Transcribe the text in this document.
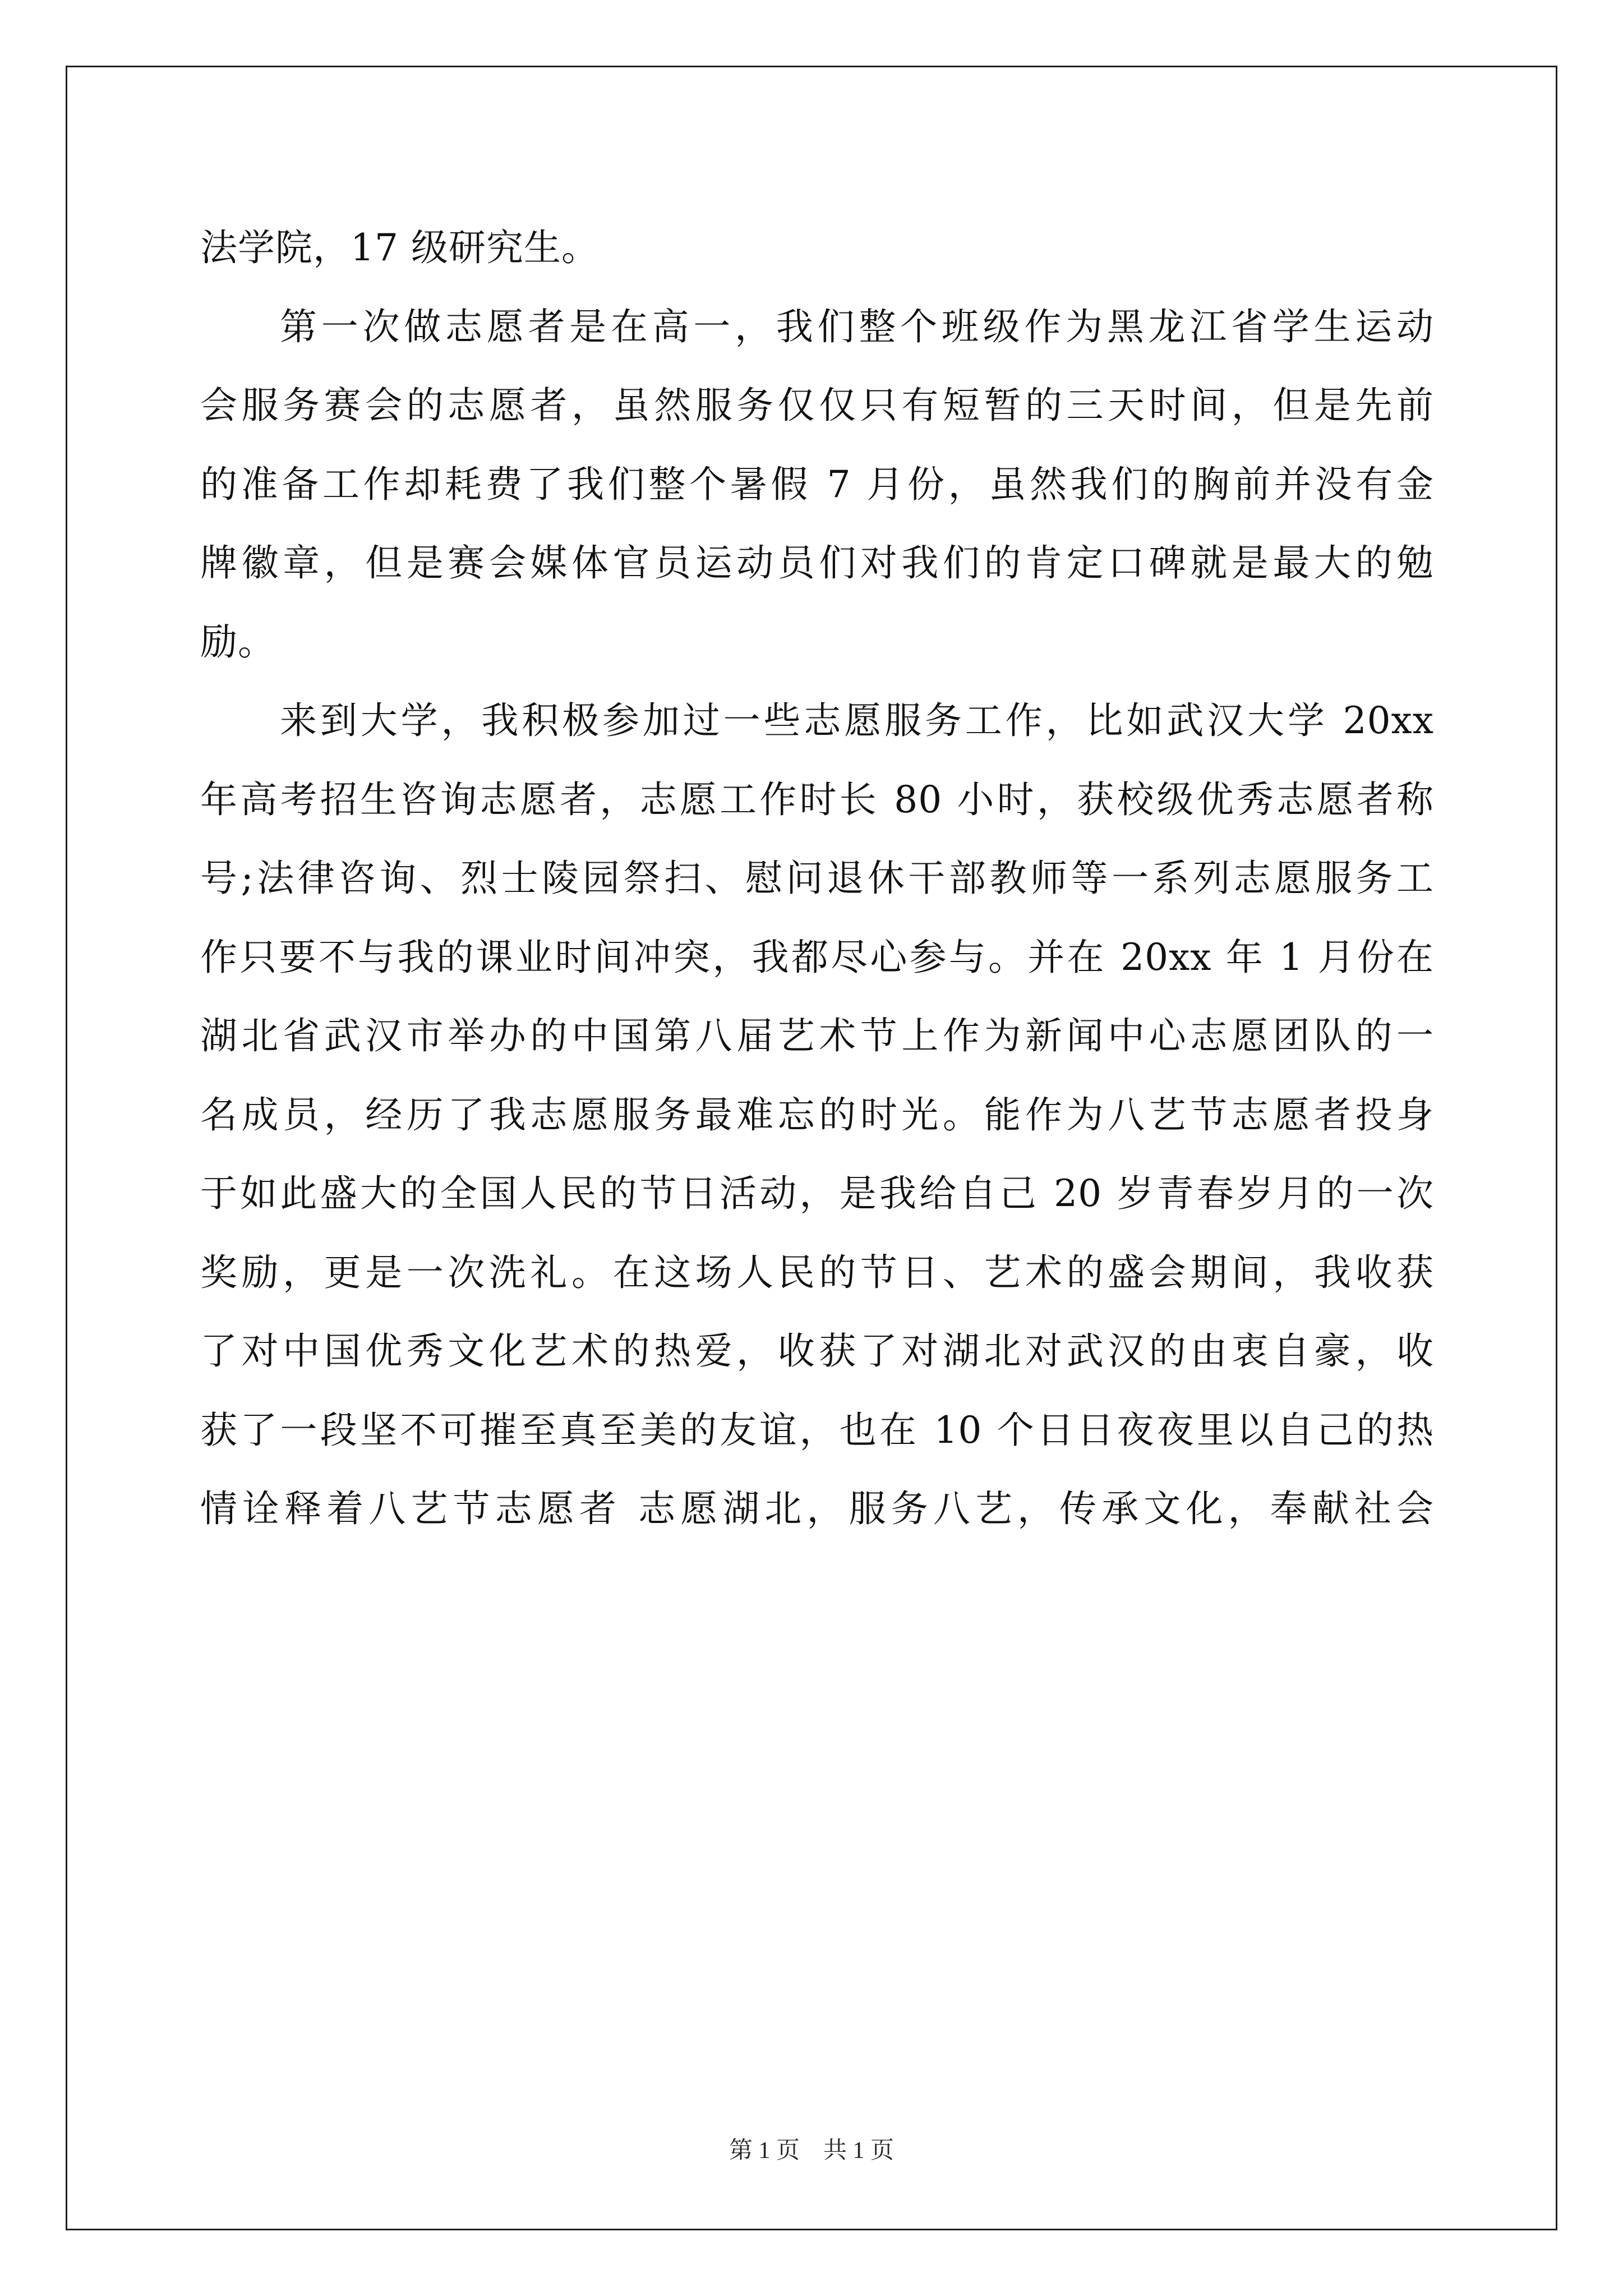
法学院，17 级研究生。
第一次做志愿者是在高一，我们整个班级作为黑龙江省学生运动
会服务赛会的志愿者，虽然服务仅仅只有短暂的三天时间，但是先前
的准备工作却耗费了我们整个暑假 7 月份，虽然我们的胸前并没有金
牌徽章，但是赛会媒体官员运动员们对我们的肯定口碑就是最大的勉
励。
来到大学，我积极参加过一些志愿服务工作，比如武汉大学 20xx
年高考招生咨询志愿者，志愿工作时长 80 小时，获校级优秀志愿者称
号;法律咨询、烈士陵园祭扫、慰问退休干部教师等一系列志愿服务工
作只要不与我的课业时间冲突，我都尽心参与。并在 20xx 年 1 月份在
湖北省武汉市举办的中国第八届艺术节上作为新闻中心志愿团队的一
名成员，经历了我志愿服务最难忘的时光。能作为八艺节志愿者投身
于如此盛大的全国人民的节日活动，是我给自己 20 岁青春岁月的一次
奖励，更是一次洗礼。在这场人民的节日、艺术的盛会期间，我收获
了对中国优秀文化艺术的热爱，收获了对湖北对武汉的由衷自豪，收
获了一段坚不可摧至真至美的友谊，也在 10 个日日夜夜里以自己的热
情诠释着八艺节志愿者 志愿湖北，服务八艺，传承文化，奉献社会
第 1 页　共 1 页
